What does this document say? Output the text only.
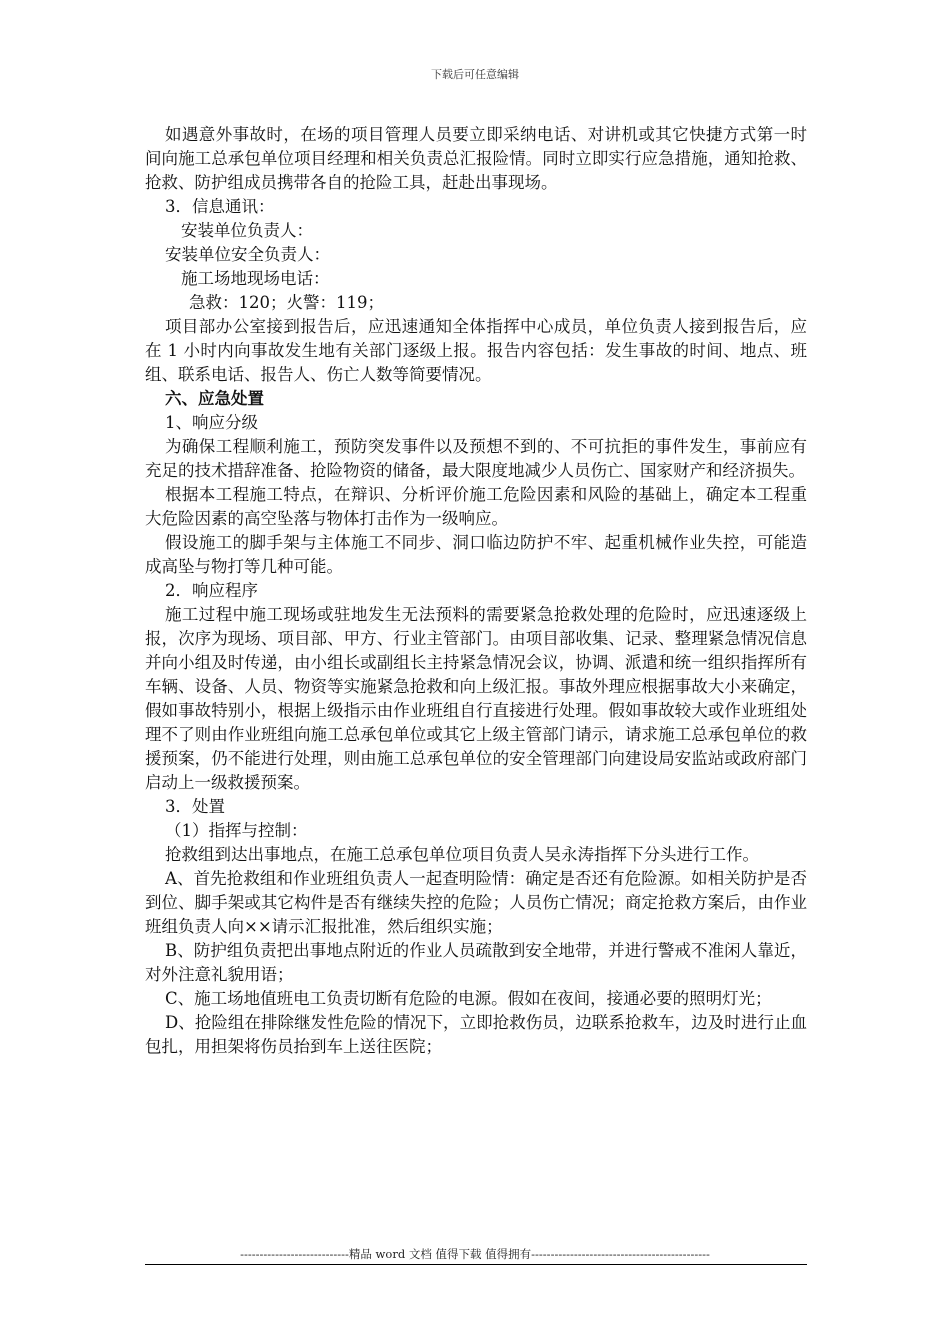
下载后可任意编辑

如遇意外事故时，在场的项目管理人员要立即采纳电话、对讲机或其它快捷方式第一时间向施工总承包单位项目经理和相关负责总汇报险情。同时立即实行应急措施，通知抢救、抢救、防护组成员携带各自的抢险工具，赶赴出事现场。

3．信息通讯：

安装单位负责人：

安装单位安全负责人：

施工场地现场电话：

急救：120；火警：119；

项目部办公室接到报告后，应迅速通知全体指挥中心成员，单位负责人接到报告后，应在 1 小时内向事故发生地有关部门逐级上报。报告内容包括：发生事故的时间、地点、班组、联系电话、报告人、伤亡人数等简要情况。

六、应急处置

1、响应分级

为确保工程顺利施工，预防突发事件以及预想不到的、不可抗拒的事件发生，事前应有充足的技术措辞准备、抢险物资的储备，最大限度地减少人员伤亡、国家财产和经济损失。

根据本工程施工特点，在辩识、分析评价施工危险因素和风险的基础上，确定本工程重大危险因素的高空坠落与物体打击作为一级响应。

假设施工的脚手架与主体施工不同步、洞口临边防护不牢、起重机械作业失控，可能造成高坠与物打等几种可能。

2．响应程序

施工过程中施工现场或驻地发生无法预料的需要紧急抢救处理的危险时，应迅速逐级上报，次序为现场、项目部、甲方、行业主管部门。由项目部收集、记录、整理紧急情况信息并向小组及时传递，由小组长或副组长主持紧急情况会议，协调、派遣和统一组织指挥所有车辆、设备、人员、物资等实施紧急抢救和向上级汇报。事故外理应根据事故大小来确定，假如事故特别小，根据上级指示由作业班组自行直接进行处理。假如事故较大或作业班组处理不了则由作业班组向施工总承包单位或其它上级主管部门请示，请求施工总承包单位的救援预案，仍不能进行处理，则由施工总承包单位的安全管理部门向建设局安监站或政府部门启动上一级救援预案。

3．处置

（1）指挥与控制：

抢救组到达出事地点，在施工总承包单位项目负责人吴永涛指挥下分头进行工作。

A、首先抢救组和作业班组负责人一起查明险情：确定是否还有危险源。如相关防护是否到位、脚手架或其它构件是否有继续失控的危险；人员伤亡情况；商定抢救方案后，由作业班组负责人向××请示汇报批准，然后组织实施；

B、防护组负责把出事地点附近的作业人员疏散到安全地带，并进行警戒不准闲人靠近，对外注意礼貌用语；

C、施工场地值班电工负责切断有危险的电源。假如在夜间，接通必要的照明灯光；

D、抢险组在排除继发性危险的情况下，立即抢救伤员，边联系抢救车，边及时进行止血包扎，用担架将伤员抬到车上送往医院；

----------------------------精品 word 文档 值得下载 值得拥有----------------------------------------------
